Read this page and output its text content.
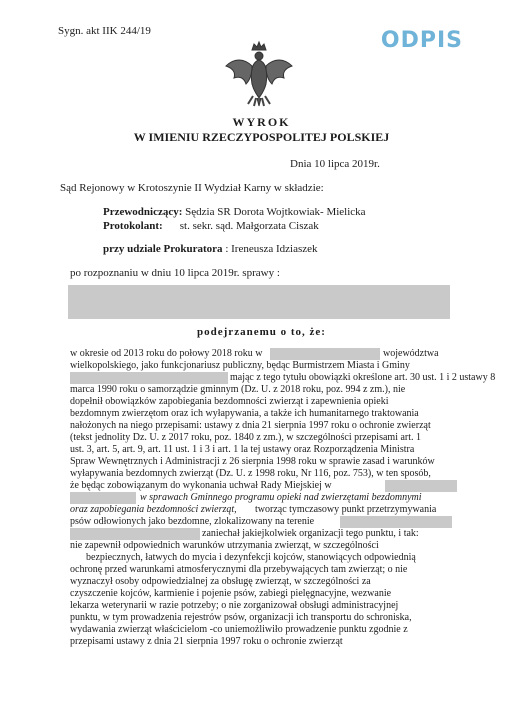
Sygn. akt IIK 244/19	ODPIS
WYROK
W IMIENIU RZECZYPOSPOLITEJ POLSKIEJ
Dnia 10 lipca 2019r.
Sąd Rejonowy w Krotoszynie II Wydział Karny w składzie:
Przewodniczący: Sędzia SR Dorota Wojtkowiak- Mielicka
Protokolant: st. sekr. sąd. Małgorzata Ciszak
przy udziale Prokuratora : Ireneusza Idziaszek
po rozpoznaniu w dniu 10 lipca 2019r. sprawy :
podejrzanemu o to, że:
w okresie od 2013 roku do połowy 2018 roku w	województwa
wielkopolskiego, jako funkcjonariusz publiczny, będąc Burmistrzem Miasta i Gminy
mając z tego tytułu obowiązki określone art. 30 ust. 1 i 2 ustawy 8
marca 1990 roku o samorządzie gminnym (Dz. U. z 2018 roku, poz. 994 z zm.), nie
dopełnił obowiązków zapobiegania bezdomności zwierząt i zapewnienia opieki
bezdomnym zwierzętom oraz ich wyłapywania, a także ich humanitarnego traktowania
nałożonych na niego przepisami: ustawy z dnia 21 sierpnia 1997 roku o ochronie zwierząt
(tekst jednolity Dz. U. z 2017 roku, poz. 1840 z zm.), w szczególności przepisami art. 1
ust. 3, art. 5, art. 9, art. 11 ust. 1 i 3 i art. 1 la tej ustawy oraz Rozporządzenia Ministra
Spraw Wewnętrznych i Administracji z 26 sierpnia 1998 roku w sprawie zasad i warunków
wyłapywania bezdomnych zwierząt (Dz. U. z 1998 roku, Nr 116, poz. 753), w ten sposób,
że będąc zobowiązanym do wykonania uchwał Rady Miejskiej w
w sprawach Gminnego programu opieki nad zwierzętami bezdomnymi
oraz zapobiegania bezdomności zwierząt, tworząc tymczasowy punkt przetrzymywania
psów odłowionych jako bezdomne, zlokalizowany na terenie
zaniechał jakiejkolwiek organizacji tego punktu, i tak:
nie zapewnił odpowiednich warunków utrzymania zwierząt, w szczególności
bezpiecznych, łatwych do mycia i dezynfekcji kojców, stanowiących odpowiednią
ochronę przed warunkami atmosferycznymi dla przebywających tam zwierząt; o nie
wyznaczył osoby odpowiedzialnej za obsługę zwierząt, w szczególności za
czyszczenie kojców, karmienie i pojenie psów, zabiegi pielęgnacyjne, wezwanie
lekarza weterynarii w razie potrzeby; o nie zorganizował obsługi administracyjnej
punktu, w tym prowadzenia rejestrów psów, organizacji ich transportu do schroniska,
wydawania zwierząt właścicielom -co uniemożliwiło prowadzenie punktu zgodnie z
przepisami ustawy z dnia 21 sierpnia 1997 roku o ochronie zwierząt
